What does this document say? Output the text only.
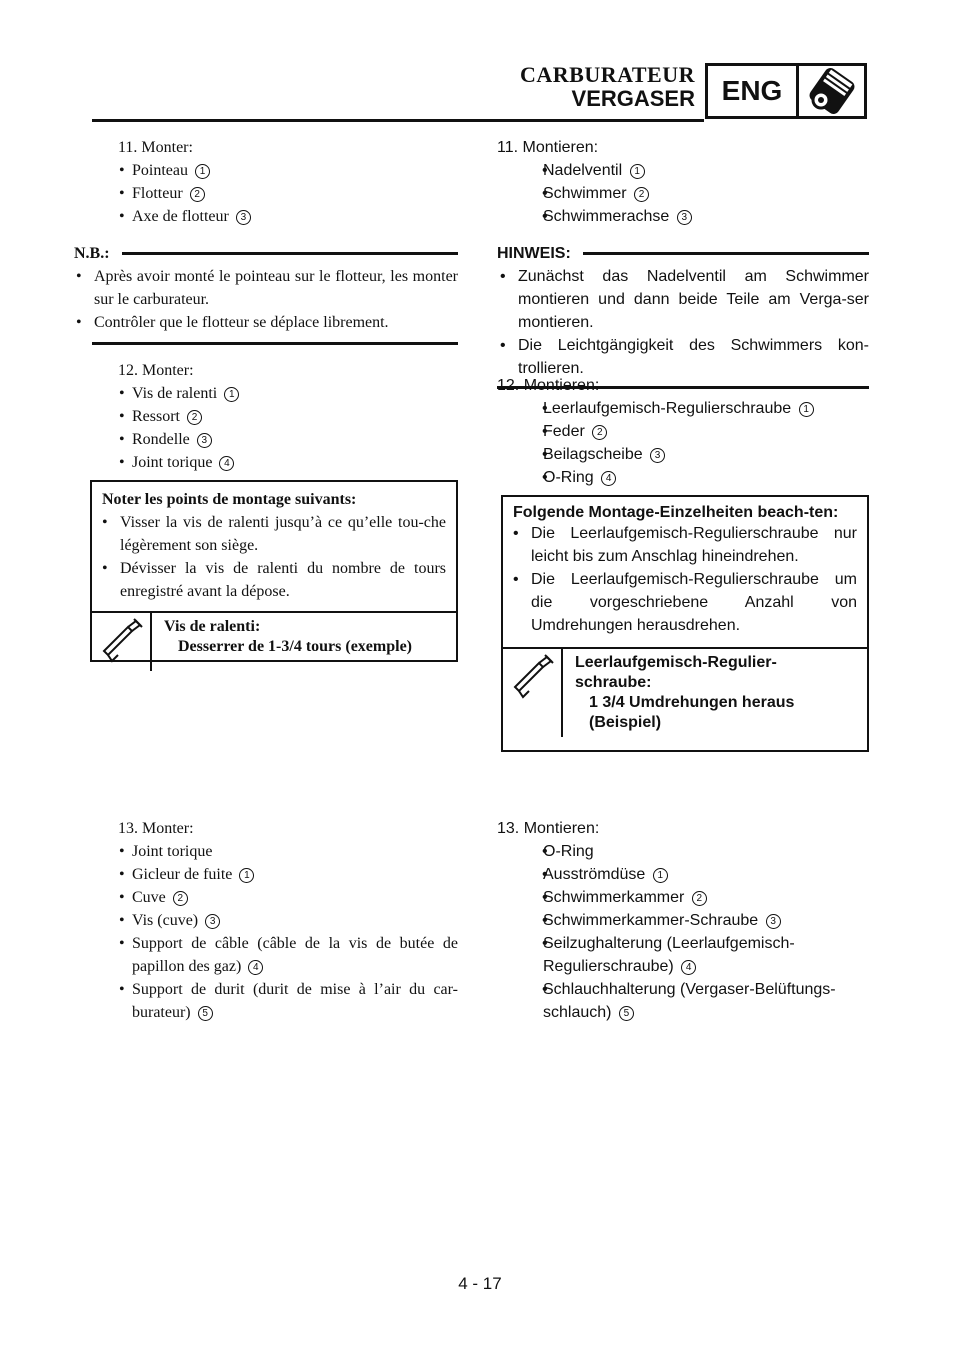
CARBURATEUR
VERGASER ENG
11. Monter:
• Pointeau 1
• Flotteur 2
• Axe de flotteur 3
N.B.:
• Après avoir monté le pointeau sur le flotteur, les monter sur le carburateur.
• Contrôler que le flotteur se déplace librement.
12. Monter:
• Vis de ralenti 1
• Ressort 2
• Rondelle 3
• Joint torique 4
Noter les points de montage suivants:
• Visser la vis de ralenti jusqu’à ce qu’elle tou-che légèrement son siège.
• Dévisser la vis de ralenti du nombre de tours enregistré avant la dépose.
Vis de ralenti:
Desserrer de 1-3/4 tours (exemple)
13. Monter:
• Joint torique
• Gicleur de fuite 1
• Cuve 2
• Vis (cuve) 3
• Support de câble (câble de la vis de butée de papillon des gaz) 4
• Support de durit (durit de mise à l’air du car-burateur) 5
11. Montieren:
• Nadelventil 1
• Schwimmer 2
• Schwimmerachse 3
HINWEIS:
• Zunächst das Nadelventil am Schwimmer montieren und dann beide Teile am Verga-ser montieren.
• Die Leichtgängigkeit des Schwimmers kon-trollieren.
12. Montieren:
• Leerlaufgemisch-Regulierschraube 1
• Feder 2
• Beilagscheibe 3
• O-Ring 4
Folgende Montage-Einzelheiten beach-ten:
• Die Leerlaufgemisch-Regulierschraube nur leicht bis zum Anschlag hineindrehen.
• Die Leerlaufgemisch-Regulierschraube um die vorgeschriebene Anzahl von Umdrehungen herausdrehen.
Leerlaufgemisch-Regulier-schraube:
1 3/4 Umdrehungen heraus (Beispiel)
13. Montieren:
• O-Ring
• Ausströmdüse 1
• Schwimmerkammer 2
• Schwimmerkammer-Schraube 3
• Seilzughalterung (Leerlaufgemisch-Regulierschraube) 4
• Schlauchhalterung (Vergaser-Belüftungs-schlauch) 5
4 - 17
